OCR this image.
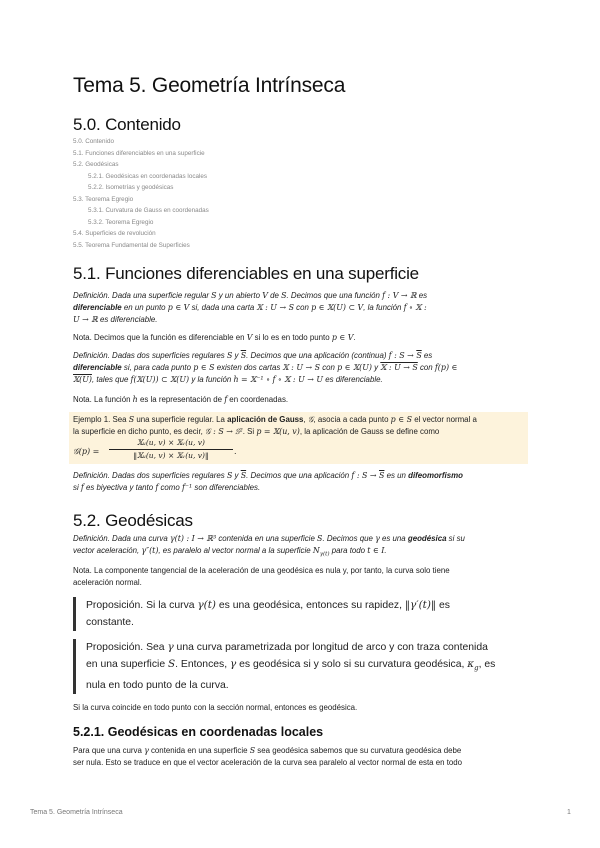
Tema 5. Geometría Intrínseca
5.0. Contenido
5.0. Contenido
5.1. Funciones diferenciables en una superficie
5.2. Geodésicas
5.2.1. Geodésicas en coordenadas locales
5.2.2. Isometrías y geodésicas
5.3. Teorema Egregio
5.3.1. Curvatura de Gauss en coordenadas
5.3.2. Teorema Egregio
5.4. Superficies de revolución
5.5. Teorema Fundamental de Superficies
5.1. Funciones diferenciables en una superficie

Definición. Dada una superficie regular S y un abierto V de S. Decimos que una función f : V → ℝ es
diferenciable en un punto p ∈ V si, dada una carta 𝕏 : U → S con p ∈ 𝕏(U) ⊂ V, la función f ∘ 𝕏 :
U → ℝ es diferenciable.

Nota. Decimos que la función es diferenciable en V si lo es en todo punto p ∈ V.

Definición. Dadas dos superficies regulares S y $\overline{S}$. Decimos que una aplicación (continua) f : $S \to \overline{S}$ es
diferenciable si, para cada punto p ∈ S existen dos cartas 𝕏 : U → S con p ∈ 𝕏(U) y 𝕏 : U → S con f(p) ∈
𝕏(U), tales que f(𝕏(U)) ⊂ 𝕏(U) y la función h = 𝕏⁻¹ ∘ f ∘ 𝕏 : U → U es diferenciable.

Nota. La función h es la representación de f en coordenadas.

Ejemplo 1. Sea S una superficie regular. La aplicación de Gauss, 𝒢, asocia a cada punto p ∈ S el vector normal a
la superficie en dicho punto, es decir, 𝒢 : S → 𝕊². Si p = 𝕏(u, v), la aplicación de Gauss se define como

𝒢(p) =
𝕏ᵤ(u, v) × 𝕏ᵥ(u, v)
‖𝕏ᵤ(u, v) × 𝕏ᵥ(u, v)‖	.

Definición. Dadas dos superficies regulares S y $\overline{S}$. Decimos que una aplicación f : $S \to \overline{S}$ es un difeomorfismo
si f es biyectiva y tanto f como f⁻¹ son diferenciables.

5.2. Geodésicas

Definición. Dada una curva γ(t) : I → ℝ³ contenida en una superficie S. Decimos que γ es una geodésica si su
vector aceleración, γ″(t), es paralelo al vector normal a la superficie $N_{\gamma(t)}$ para todo t ∈ I.

Nota. La componente tangencial de la aceleración de una geodésica es nula y, por tanto, la curva solo tiene
aceleración normal.

Proposición. Si la curva γ(t) es una geodésica, entonces su rapidez, ‖γ′(t)‖ es
constante.
Proposición. Sea γ una curva parametrizada por longitud de arco y con traza contenida
en una superficie S. Entonces, γ es geodésica si y solo si su curvatura geodésica, $\kappa_g$, es
nula en todo punto de la curva.

Si la curva coincide en todo punto con la sección normal, entonces es geodésica.

5.2.1. Geodésicas en coordenadas locales

Para que una curva γ contenida en una superficie S sea geodésica sabemos que su curvatura geodésica debe
ser nula. Esto se traduce en que el vector aceleración de la curva sea paralelo al vector normal de esta en todo

Tema 5. Geometría Intrínseca	1
